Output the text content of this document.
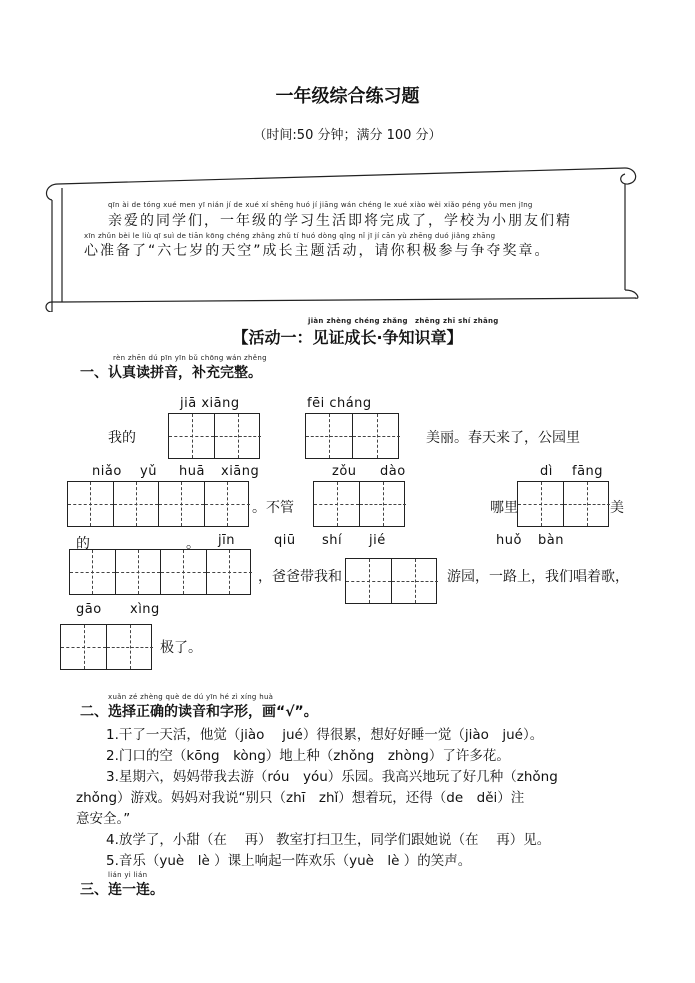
一年级综合练习题
（时间:50 分钟；满分 100 分）
qīn ài de tóng xué men yī nián jí de xué xí shēng huó jí jiāng wán chéng le xué xiào wèi xiǎo péng yǒu men jīng
亲爱的同学们，一年级的学习生活即将完成了，学校为小朋友们精
xīn zhǔn bèi le liù qī suì de tiān kōng chéng zhǎng zhǔ tí huó dòng qǐng nǐ jī jí cān yù zhēng duó jiǎng zhāng
心准备了“六七岁的天空”成长主题活动，请你积极参与争夺奖章。
jiàn zhèng chéng zhǎng zhēng zhī shí zhāng
【活动一：见证成长·争知识章】
rèn zhēn dú pīn yīn bǔ chōng wán zhěng
一、认真读拼音，补充完整。
jiā xiāng	fēi cháng
我的	美丽。春天来了，公园里
niǎo yǔ huā xiāng	zǒu dào	dì fāng
。不管	哪里	美
的	。 jīn	qiū shí jié	huǒ bàn
，爸爸带我和	游园，一路上，我们唱着歌，
gāo xìng
极了。
xuǎn zé zhèng què de dú yīn hé zì xíng huà
二、选择正确的读音和字形，画“√”。
1.干了一天活，他觉（jiào　 jué）得很累，想好好睡一觉（jiào　jué）。
2.门口的空（kōng　kòng）地上种（zhǒng　zhòng）了许多花。
3.星期六，妈妈带我去游（róu　yóu）乐园。我高兴地玩了好几种（zhǒng
zhǒng）游戏。妈妈对我说“别只（zhī　zhǐ）想着玩，还得（de　děi）注
意安全。”
4.放学了，小甜（在　 再） 教室打扫卫生，同学们跟她说（在　 再）见。
5.音乐（yuè　lè ）课上响起一阵欢乐（yuè　lè ）的笑声。
lián yi lián
三、连一连。
